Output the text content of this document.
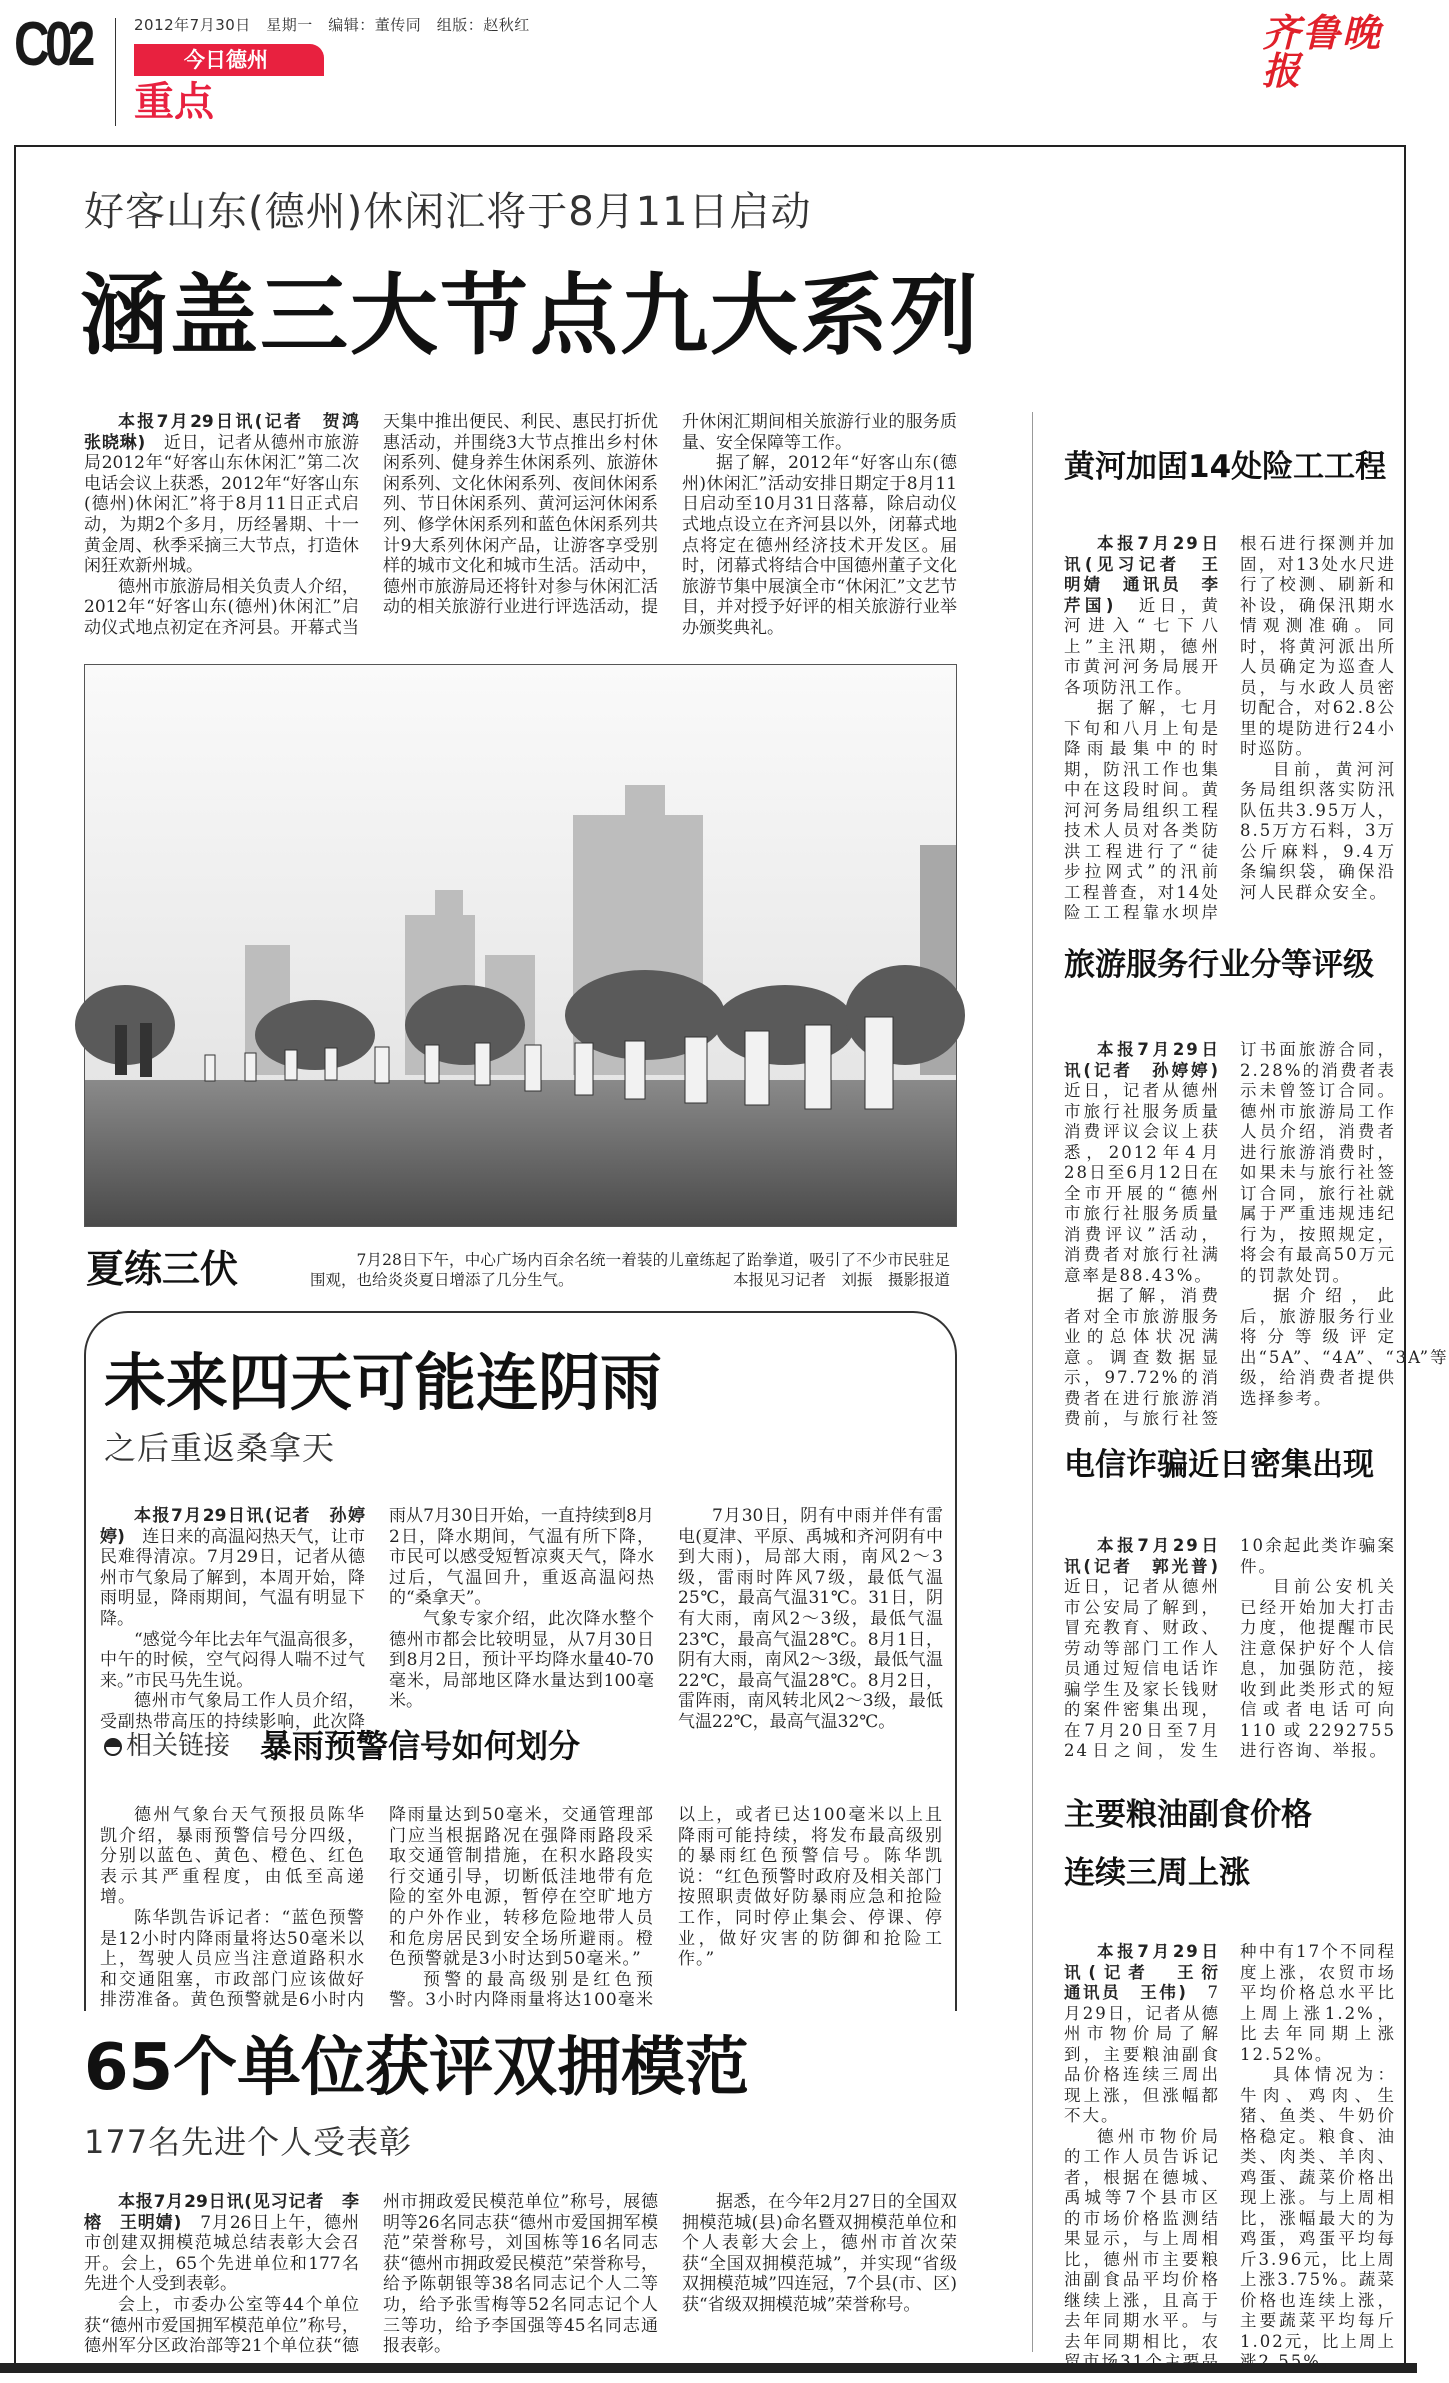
C02	2012年7月30日　星期一　编辑：董传同　组版：赵秋红
今日德州
重点
齐鲁晚报
好客山东(德州)休闲汇将于8月11日启动
涵盖三大节点九大系列

本报7月29日讯(记者　贺鸿　张晓琳)　 近日，记者从德州市旅游局2012年“好客山东休闲汇”第二次电话会议上获悉，2012年“好客山东(德州)休闲汇”将于8月11日正式启动，为期2个多月，历经暑期、十一黄金周、秋季采摘三大节点，打造休闲狂欢新州城。

德州市旅游局相关负责人介绍，2012年“好客山东(德州)休闲汇”启动仪式地点初定在齐河县。开幕式当天集中推出便民、利民、惠民打折优惠活动，并围绕3大节点推出乡村休闲系列、健身养生休闲系列、旅游休闲系列、文化休闲系列、夜间休闲系列、节日休闲系列、黄河运河休闲系列、修学休闲系列和蓝色休闲系列共计9大系列休闲产品，让游客享受别样的城市文化和城市生活。活动中，德州市旅游局还将针对参与休闲汇活动的相关旅游行业进行评选活动，提升休闲汇期间相关旅游行业的服务质量、安全保障等工作。

据了解，2012年“好客山东(德州)休闲汇”活动安排日期定于8月11日启动至10月31日落幕，除启动仪式地点设立在齐河县以外，闭幕式地点将定在德州经济技术开发区。届时，闭幕式将结合中国德州董子文化旅游节集中展演全市“休闲汇”文艺节目，并对授予好评的相关旅游行业举办颁奖典礼。

夏练三伏	7月28日下午，中心广场内百余名统一着装的儿童练起了跆拳道，吸引了不少市民驻足围观，也给炎炎夏日增添了几分生气。	本报见习记者　刘振　摄影报道
未来四天可能连阴雨
之后重返桑拿天

本报7月29日讯(记者　孙婷婷)　 连日来的高温闷热天气，让市民难得清凉。7月29日，记者从德州市气象局了解到，本周开始，降雨明显，降雨期间，气温有明显下降。

“感觉今年比去年气温高很多，中午的时候，空气闷得人喘不过气来。”市民马先生说。

德州市气象局工作人员介绍，受副热带高压的持续影响，此次降雨从7月30日开始，一直持续到8月2日，降水期间，气温有所下降，市民可以感受短暂凉爽天气，降水过后，气温回升，重返高温闷热的“桑拿天”。

气象专家介绍，此次降水整个德州市都会比较明显，从7月30日到8月2日，预计平均降水量40-70毫米，局部地区降水量达到100毫米。

7月30日，阴有中雨并伴有雷电(夏津、平原、禹城和齐河阴有中到大雨)，局部大雨，南风2～3级，雷雨时阵风7级，最低气温25℃，最高气温31℃。31日，阴有大雨，南风2～3级，最低气温23℃，最高气温28℃。8月1日，阴有大雨，南风2～3级，最低气温22℃，最高气温28℃。8月2日，雷阵雨，南风转北风2～3级，最低气温22℃，最高气温32℃。

相关链接 暴雨预警信号如何划分

德州气象台天气预报员陈华凯介绍，暴雨预警信号分四级，分别以蓝色、黄色、橙色、红色表示其严重程度，由低至高递增。

陈华凯告诉记者：“蓝色预警是12小时内降雨量将达50毫米以上，驾驶人员应当注意道路积水和交通阻塞，市政部门应该做好排涝准备。黄色预警就是6小时内降雨量达到50毫米，交通管理部门应当根据路况在强降雨路段采取交通管制措施，在积水路段实行交通引导，切断低洼地带有危险的室外电源，暂停在空旷地方的户外作业，转移危险地带人员和危房居民到安全场所避雨。橙色预警就是3小时达到50毫米。”

预警的最高级别是红色预警。3小时内降雨量将达100毫米以上，或者已达100毫米以上且降雨可能持续，将发布最高级别的暴雨红色预警信号。陈华凯说：“红色预警时政府及相关部门按照职责做好防暴雨应急和抢险工作，同时停止集会、停课、停业，做好灾害的防御和抢险工作。”

65个单位获评双拥模范
177名先进个人受表彰

本报7月29日讯(见习记者　李榕　王明婧)　 7月26日上午，德州市创建双拥模范城总结表彰大会召开。会上，65个先进单位和177名先进个人受到表彰。

会上，市委办公室等44个单位获“德州市爱国拥军模范单位”称号，德州军分区政治部等21个单位获“德州市拥政爱民模范单位”称号，展德明等26名同志获“德州市爱国拥军模范”荣誉称号，刘国栋等16名同志获“德州市拥政爱民模范”荣誉称号，给予陈朝银等38名同志记个人二等功，给予张雪梅等52名同志记个人三等功，给予李国强等45名同志通报表彰。

据悉，在今年2月27日的全国双拥模范城(县)命名暨双拥模范单位和个人表彰大会上，德州市首次荣获“全国双拥模范城”，并实现“省级双拥模范城”四连冠，7个县(市、区)获“省级双拥模范城”荣誉称号。

黄河加固14处险工工程

本报7月29日讯(见习记者　王明婧　通讯员　李芹国)　 近日，黄河进入“七下八上”主汛期，德州市黄河河务局展开各项防汛工作。

据了解，七月下旬和八月上旬是降雨最集中的时期，防汛工作也集中在这段时间。黄河河务局组织工程技术人员对各类防洪工程进行了“徒步拉网式”的汛前工程普查，对14处险工工程靠水坝岸根石进行探测并加固，对13处水尺进行了校测、刷新和补设，确保汛期水情观测准确。同时，将黄河派出所人员确定为巡查人员，与水政人员密切配合，对62.8公里的堤防进行24小时巡防。

目前，黄河河务局组织落实防汛队伍共3.95万人，8.5万方石料，3万公斤麻料，9.4万条编织袋，确保沿河人民群众安全。

旅游服务行业分等评级

本报7月29日讯(记者　孙婷婷)　近日，记者从德州市旅行社服务质量消费评议会议上获悉，2012年4月28日至6月12日在全市开展的“德州市旅行社服务质量消费评议”活动，消费者对旅行社满意率是88.43%。

据了解，消费者对全市旅游服务业的总体状况满意。调查数据显示，97.72%的消费者在进行旅游消费前，与旅行社签订书面旅游合同，2.28%的消费者表示未曾签订合同。德州市旅游局工作人员介绍，消费者进行旅游消费时，如果未与旅行社签订合同，旅行社就属于严重违规违纪行为，按照规定，将会有最高50万元的罚款处罚。

据介绍，此后，旅游服务行业将分等级评定出“5A”、“4A”、“3A”等级，给消费者提供选择参考。

电信诈骗近日密集出现

本报7月29日讯(记者　郭光普)　近日，记者从德州市公安局了解到，冒充教育、财政、劳动等部门工作人员通过短信电话诈骗学生及家长钱财的案件密集出现，在7月20日至7月24日之间，发生10余起此类诈骗案件。

目前公安机关已经开始加大打击力度，他提醒市民注意保护好个人信息，加强防范，接收到此类形式的短信或者电话可向110或2292755进行咨询、举报。

主要粮油副食价格
连续三周上涨

本报7月29日讯(记者　王衍　通讯员　王伟)　 7月29日，记者从德州市物价局了解到，主要粮油副食品价格连续三周出现上涨，但涨幅都不大。

德州市物价局的工作人员告诉记者，根据在德城、禹城等7个县市区的市场价格监测结果显示，与上周相比，德州市主要粮油副食品平均价格继续上涨，且高于去年同期水平。与去年同期相比，农贸市场31个主要品种中有17个不同程度上涨，农贸市场平均价格总水平比上周上涨1.2%，比去年同期上涨12.52%。

具体情况为：牛肉、鸡肉、生猪、鱼类、牛奶价格稳定。粮食、油类、肉类、羊肉、鸡蛋、蔬菜价格出现上涨。与上周相比，涨幅最大的为鸡蛋，鸡蛋平均每斤3.96元，比上周上涨3.75%。蔬菜价格也连续上涨，主要蔬菜平均每斤1.02元，比上周上涨2.55%。
